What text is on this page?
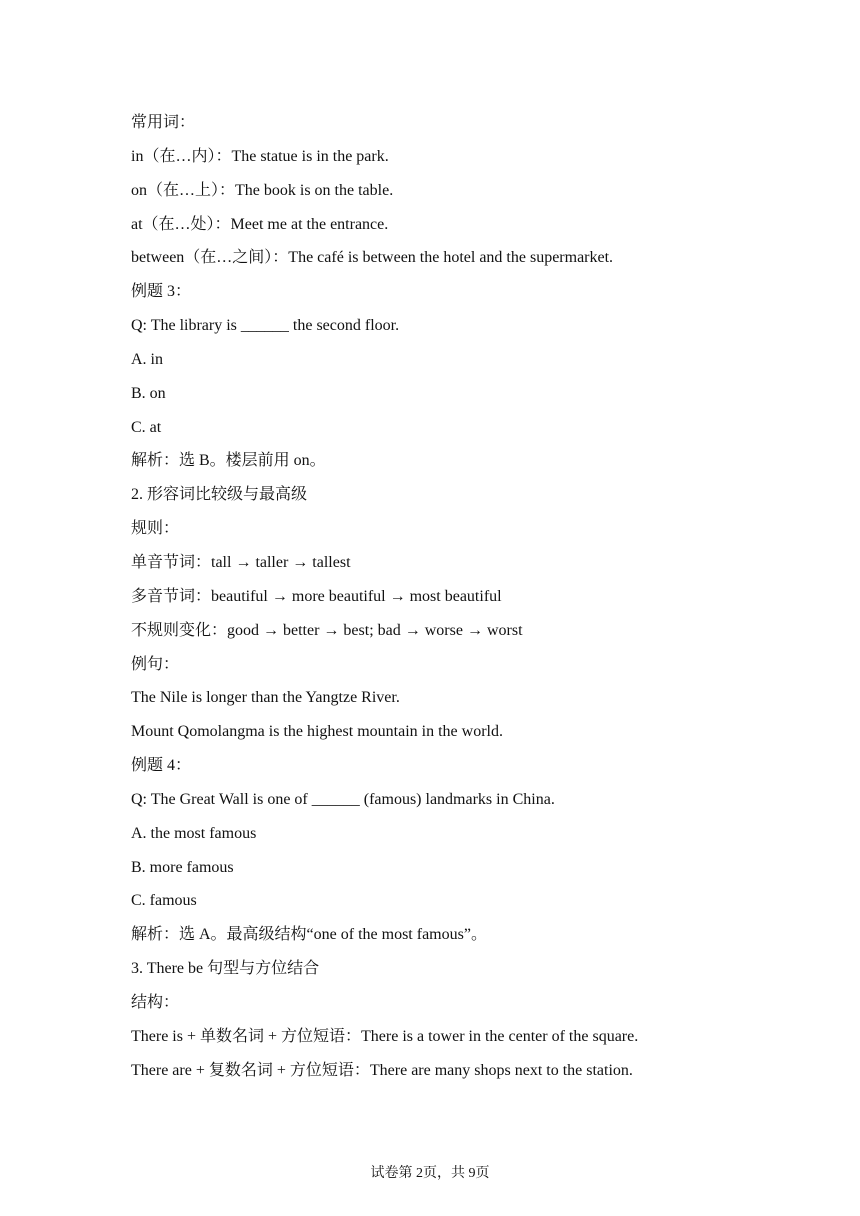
常用词：
in（在…内）：The statue is in the park.
on（在…上）：The book is on the table.
at（在…处）：Meet me at the entrance.
between（在…之间）：The café is between the hotel and the supermarket.
例题 3：
Q: The library is ______ the second floor.
A. in
B. on
C. at
解析：选 B。楼层前用 on。
2. 形容词比较级与最高级
规则：
单音节词：tall → taller → tallest
多音节词：beautiful → more beautiful → most beautiful
不规则变化：good → better → best; bad → worse → worst
例句：
The Nile is longer than the Yangtze River.
Mount Qomolangma is the highest mountain in the world.
例题 4：
Q: The Great Wall is one of ______ (famous) landmarks in China.
A. the most famous
B. more famous
C. famous
解析：选 A。最高级结构“one of the most famous”。
3. There be 句型与方位结合
结构：
There is + 单数名词 + 方位短语：There is a tower in the center of the square.
There are + 复数名词 + 方位短语：There are many shops next to the station.
试卷第 2页，共 9页
